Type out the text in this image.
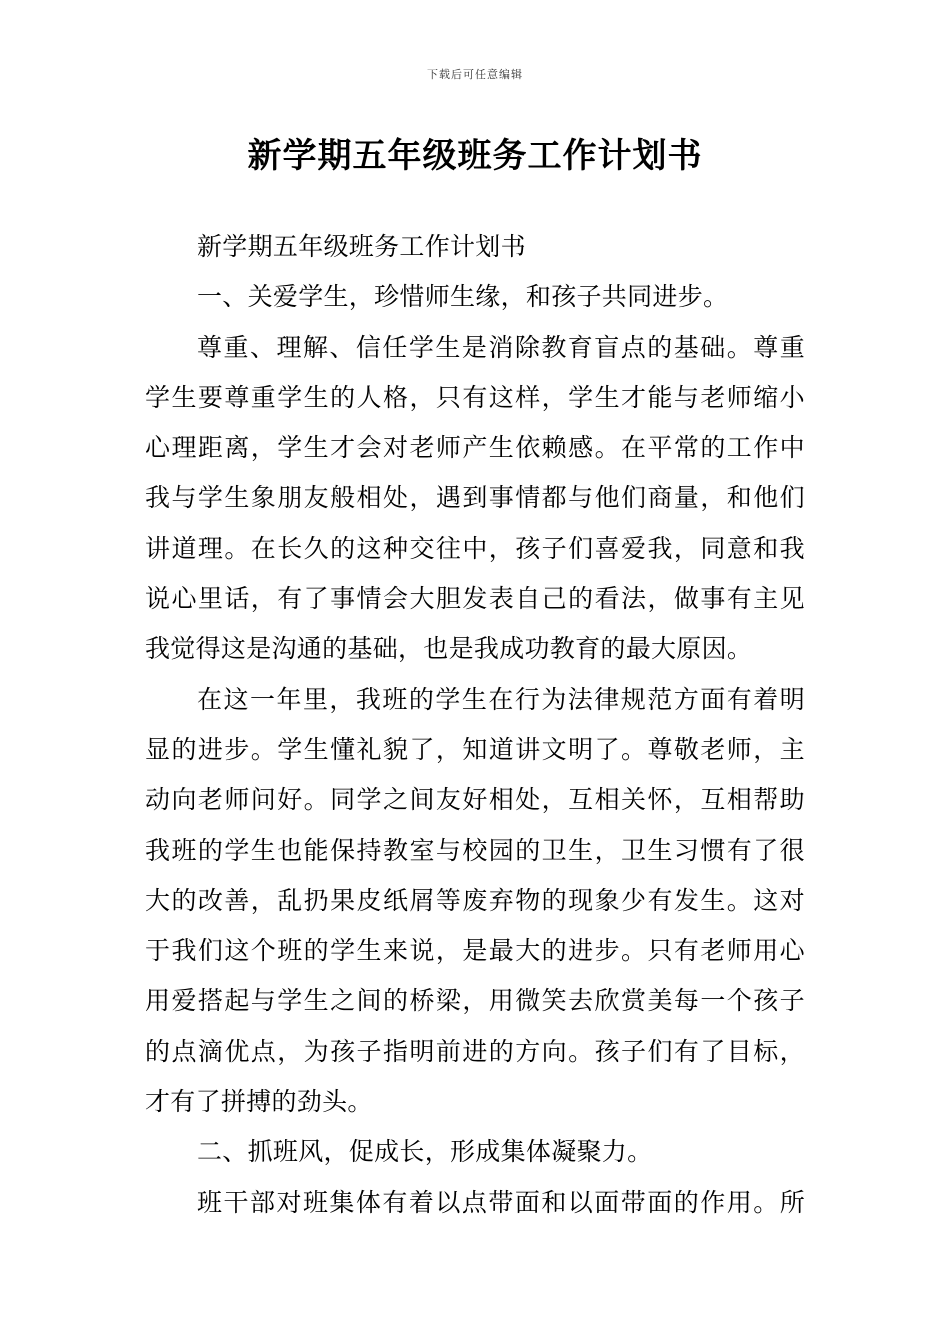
下载后可任意编辑
新学期五年级班务工作计划书
新学期五年级班务工作计划书
一、关爱学生，珍惜师生缘，和孩子共同进步。
尊重、理解、信任学生是消除教育盲点的基础。尊重
学生要尊重学生的人格，只有这样，学生才能与老师缩小
心理距离，学生才会对老师产生依赖感。在平常的工作中
我与学生象朋友般相处，遇到事情都与他们商量，和他们
讲道理。在长久的这种交往中，孩子们喜爱我，同意和我
说心里话，有了事情会大胆发表自己的看法，做事有主见
我觉得这是沟通的基础，也是我成功教育的最大原因。
在这一年里，我班的学生在行为法律规范方面有着明
显的进步。学生懂礼貌了，知道讲文明了。尊敬老师，主
动向老师问好。同学之间友好相处，互相关怀，互相帮助
我班的学生也能保持教室与校园的卫生，卫生习惯有了很
大的改善，乱扔果皮纸屑等废弃物的现象少有发生。这对
于我们这个班的学生来说，是最大的进步。只有老师用心
用爱搭起与学生之间的桥梁，用微笑去欣赏美每一个孩子
的点滴优点，为孩子指明前进的方向。孩子们有了目标，
才有了拼搏的劲头。
二、抓班风，促成长，形成集体凝聚力。
班干部对班集体有着以点带面和以面带面的作用。所
